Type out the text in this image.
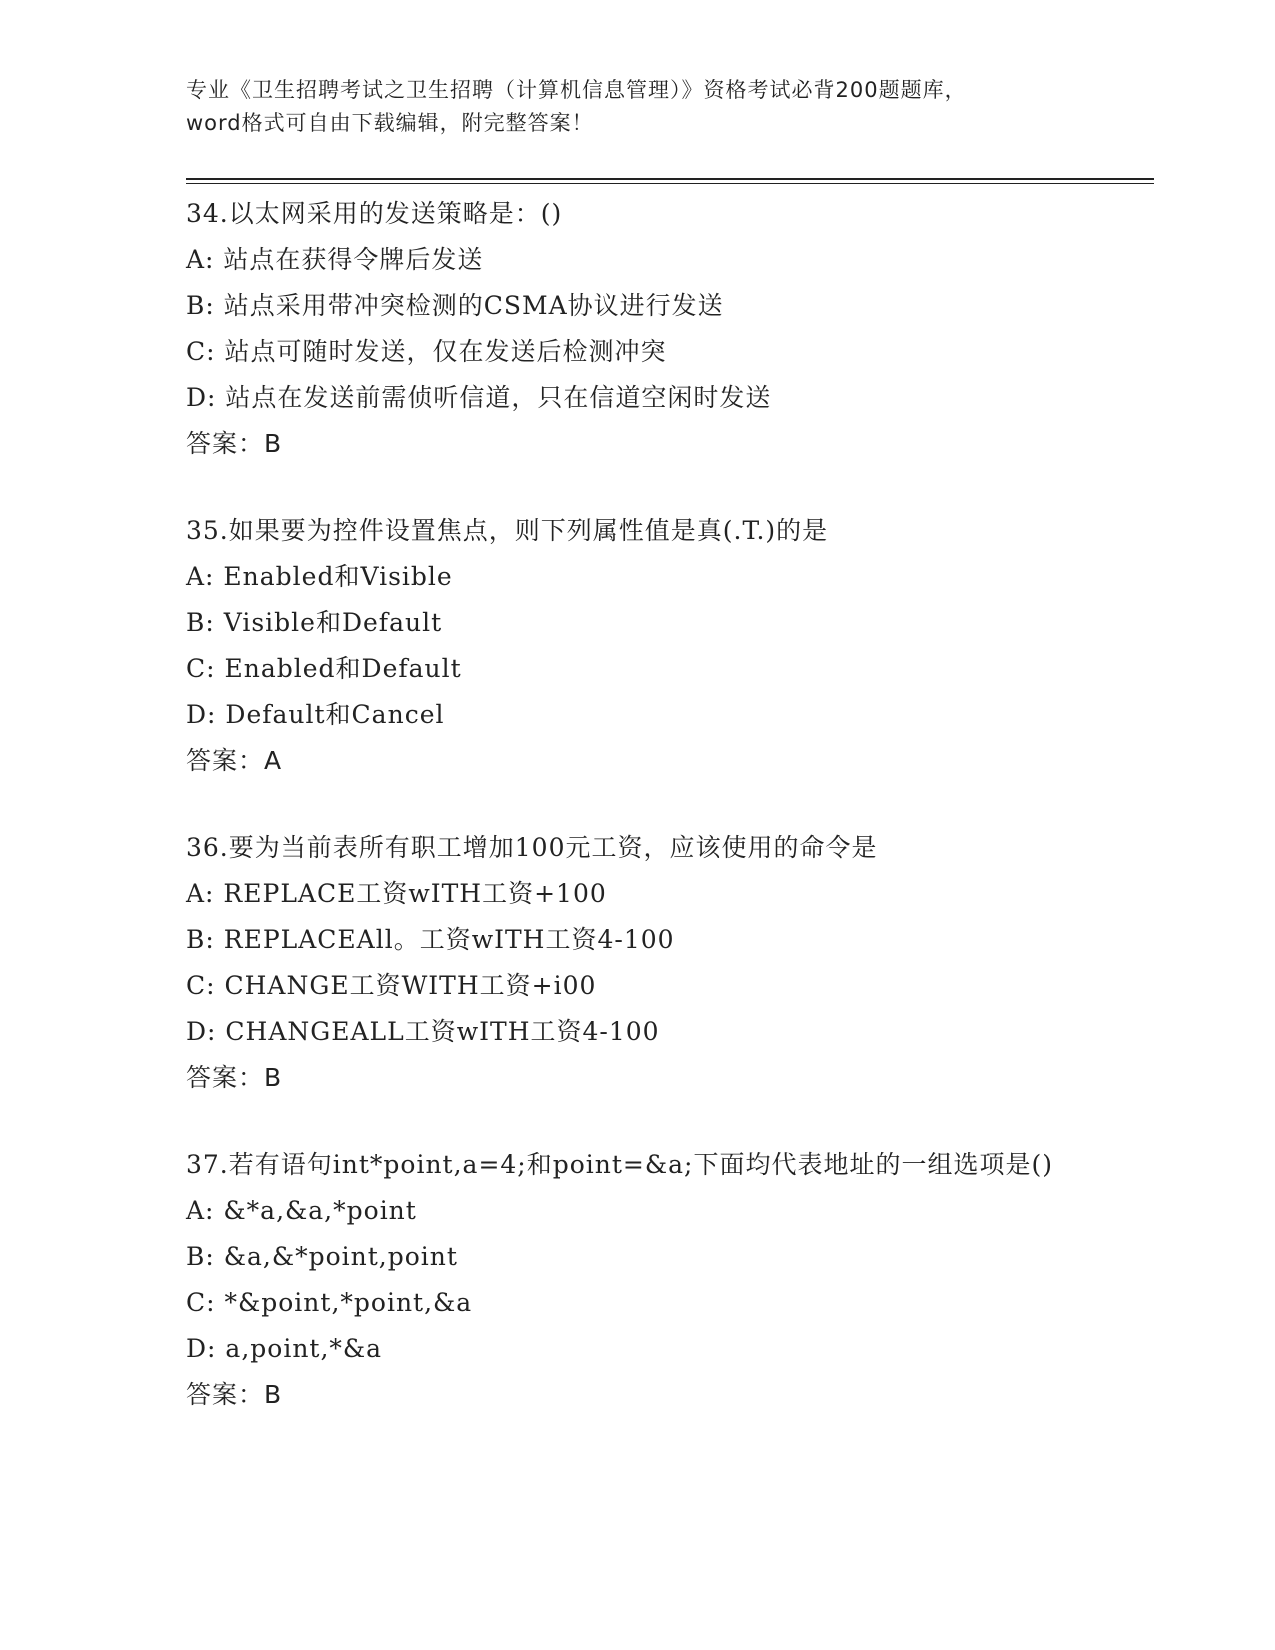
专业《卫生招聘考试之卫生招聘（计算机信息管理）》资格考试必背200题题库，
word格式可自由下载编辑，附完整答案！
34.以太网采用的发送策略是：()
A: 站点在获得令牌后发送
B: 站点采用带冲突检测的CSMA协议进行发送
C: 站点可随时发送，仅在发送后检测冲突
D: 站点在发送前需侦听信道，只在信道空闲时发送
答案：B
35.如果要为控件设置焦点，则下列属性值是真(.T.)的是
A: Enabled和Visible
B: Visible和Default
C: Enabled和Default
D: Default和Cancel
答案：A
36.要为当前表所有职工增加100元工资，应该使用的命令是
A: REPLACE工资wITH工资+100
B: REPLACEAll。工资wITH工资4-100
C: CHANGE工资WITH工资+i00
D: CHANGEALL工资wITH工资4-100
答案：B
37.若有语句int*point,a=4;和point=&a;下面均代表地址的一组选项是()
A: &*a,&a,*point
B: &a,&*point,point
C: *&point,*point,&a
D: a,point,*&a
答案：B
